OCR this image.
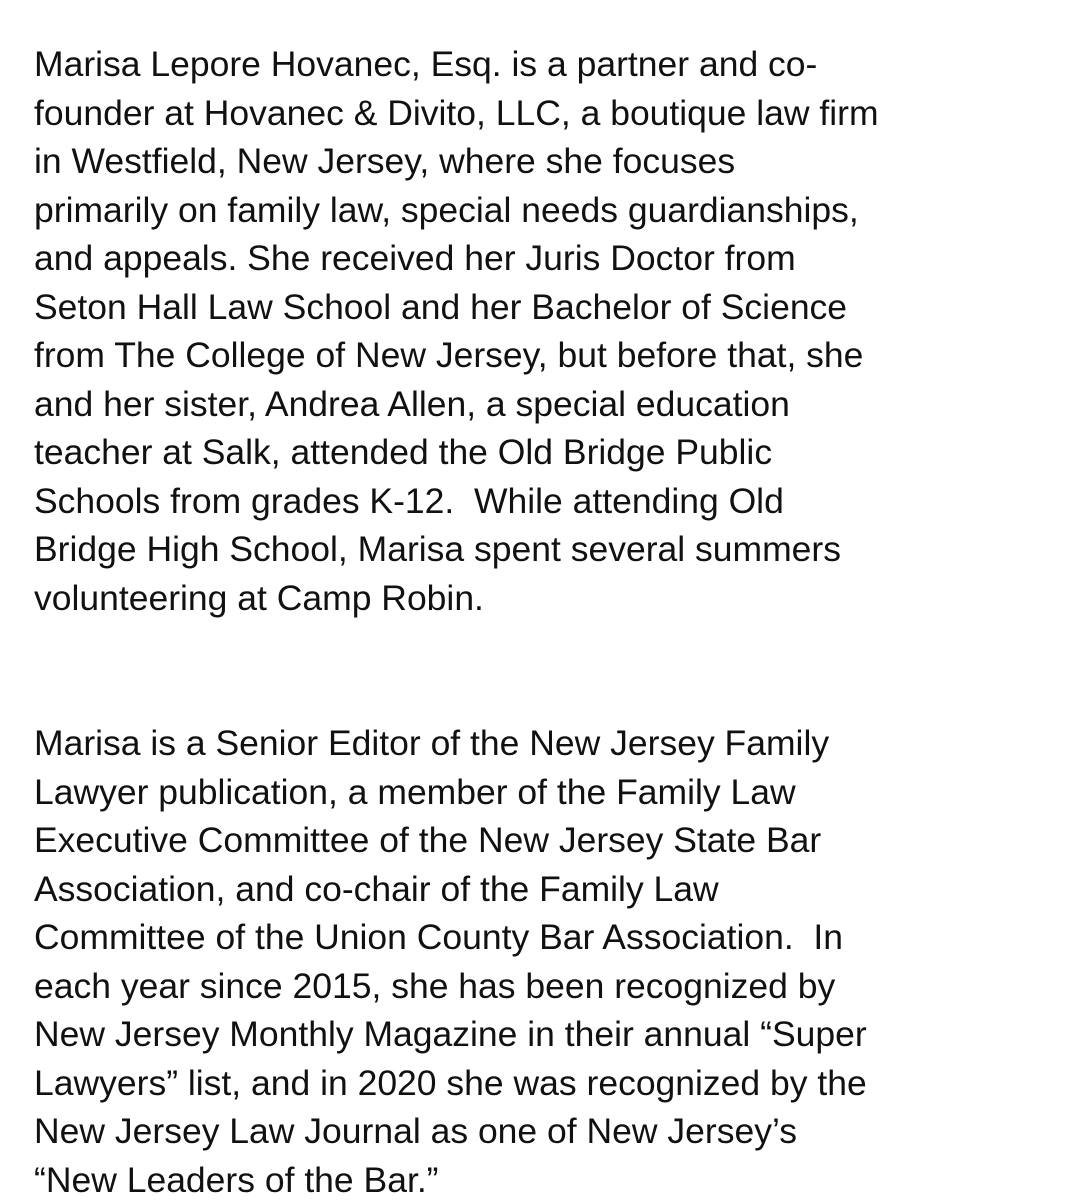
Marisa Lepore Hovanec, Esq. is a partner and co-
founder at Hovanec & Divito, LLC, a boutique law firm
in Westfield, New Jersey, where she focuses
primarily on family law, special needs guardianships,
and appeals. She received her Juris Doctor from
Seton Hall Law School and her Bachelor of Science
from The College of New Jersey, but before that, she
and her sister, Andrea Allen, a special education
teacher at Salk, attended the Old Bridge Public
Schools from grades K-12.  While attending Old
Bridge High School, Marisa spent several summers
volunteering at Camp Robin.
Marisa is a Senior Editor of the New Jersey Family
Lawyer publication, a member of the Family Law
Executive Committee of the New Jersey State Bar
Association, and co-chair of the Family Law
Committee of the Union County Bar Association.  In
each year since 2015, she has been recognized by
New Jersey Monthly Magazine in their annual “Super
Lawyers” list, and in 2020 she was recognized by the
New Jersey Law Journal as one of New Jersey’s
“New Leaders of the Bar.”
